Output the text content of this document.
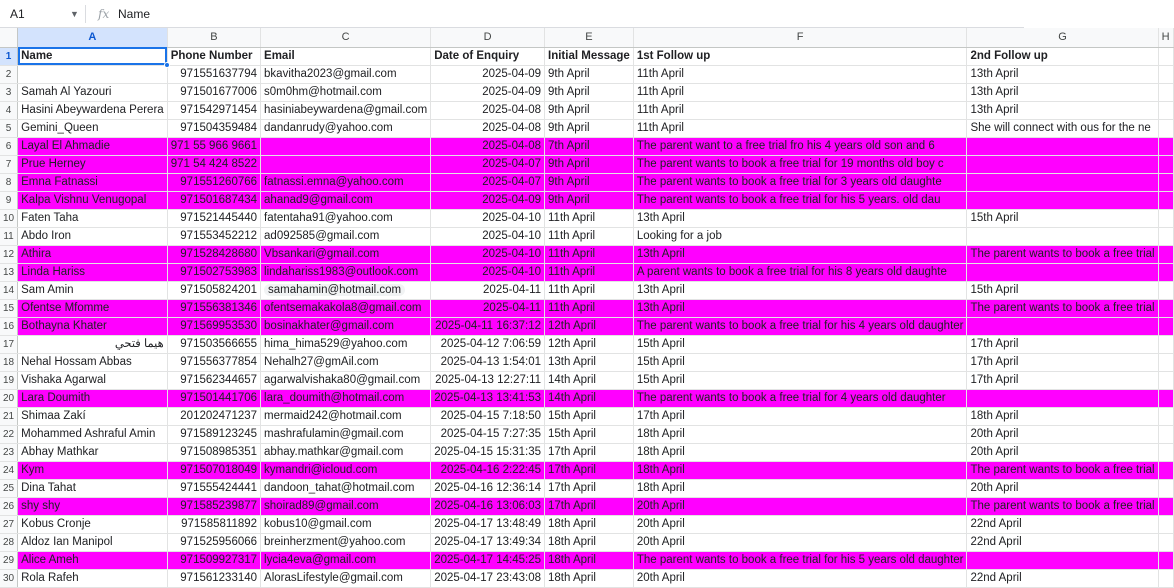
A1	▼	fx Name
	A	B	C	D	E	F	G	H
1	Name	Phone Number	Email	Date of Enquiry	Initial Message	1st Follow up	2nd Follow up	
2		971551637794	bkavitha2023@gmail.com	2025-04-09	9th April	11th April	13th April	
3	Samah Al Yazouri	971501677006	s0m0hm@hotmail.com	2025-04-09	9th April	11th April	13th April	
4	Hasini Abeywardena Perera	971542971454	hasiniabeywardena@gmail.com	2025-04-08	9th April	11th April	13th April	
5	Gemini_Queen	971504359484	dandanrudy@yahoo.com	2025-04-08	9th April	11th April	She will connect with ous for the ne	
6	Layal El Ahmadie	971 55 966 9661		2025-04-08	7th April	The parent want to a free trial fro his 4 years old son and 6		
7	Prue Herney	971 54 424 8522		2025-04-07	9th April	The parent wants to book a free trial for 19 months old boy c		
8	Emna Fatnassi	971551260766	fatnassi.emna@yahoo.com	2025-04-07	9th April	The parent wants to book a free trial for 3 years old daughte		
9	Kalpa Vishnu Venugopal	971501687434	ahanad9@gmail.com	2025-04-09	9th April	The parent wants to book a free trial for his 5 years. old dau		
10	Faten Taha	971521445440	fatentaha91@yahoo.com	2025-04-10	11th April	13th April	15th April	
11	Abdo Iron	971553452212	ad092585@gmail.com	2025-04-10	11th April	Looking for a job		
12	Athira	971528428680	Vbsankari@gmail.com	2025-04-10	11th April	13th April	The parent wants to book a free trial	
13	Linda Hariss	971502753983	lindahariss1983@outlook.com	2025-04-10	11th April	A parent wants to book a free trial for his 8 years old daughte		
14	Sam Amin	971505824201	samahamin@hotmail.com	2025-04-11	11th April	13th April	15th April	
15	Ofentse Mfomme	971556381346	ofentsemakakola8@gmail.com	2025-04-11	11th April	13th April	The parent wants to book a free trial	
16	Bothayna Khater	971569953530	bosinakhater@gmail.com	2025-04-11 16:37:12	12th April	The parent wants to book a free trial for his 4 years old daughter		
17	هيما فتحي	971503566655	hima_hima529@yahoo.com	2025-04-12 7:06:59	12th April	15th April	17th April	
18	Nehal Hossam Abbas	971556377854	Nehalh27@gmAil.com	2025-04-13 1:54:01	13th April	15th April	17th April	
19	Vishaka Agarwal	971562344657	agarwalvishaka80@gmail.com	2025-04-13 12:27:11	14th April	15th April	17th April	
20	Lara Doumith	971501441706	lara_doumith@hotmail.com	2025-04-13 13:41:53	14th April	The parent wants to book a free trial for 4 years old daughter		
21	Shimaa Zakí	201202471237	mermaid242@hotmail.com	2025-04-15 7:18:50	15th April	17th April	18th April	
22	Mohammed Ashraful Amin	971589123245	mashrafulamin@gmail.com	2025-04-15 7:27:35	15th April	18th April	20th April	
23	Abhay Mathkar	971508985351	abhay.mathkar@gmail.com	2025-04-15 15:31:35	17th April	18th April	20th April	
24	Kym	971507018049	kymandri@icloud.com	2025-04-16 2:22:45	17th April	18th April	The parent wants to book a free trial	
25	Dina Tahat	971555424441	dandoon_tahat@hotmail.com	2025-04-16 12:36:14	17th April	18th April	20th April	
26	shy shy	971585239877	shoirad89@gmail.com	2025-04-16 13:06:03	17th April	20th April	The parent wants to book a free trial	
27	Kobus Cronje	971585811892	kobus10@gmail.com	2025-04-17 13:48:49	18th April	20th April	22nd April	
28	Aldoz Ian Manipol	971525956066	breinherzment@yahoo.com	2025-04-17 13:49:34	18th April	20th April	22nd April	
29	Alice Ameh	971509927317	lycia4eva@gmail.com	2025-04-17 14:45:25	18th April	The parent wants to book a free trial for his 5 years old daughter		
30	Rola Rafeh	971561233140	AlorasLifestyle@gmail.com	2025-04-17 23:43:08	18th April	20th April	22nd April	
